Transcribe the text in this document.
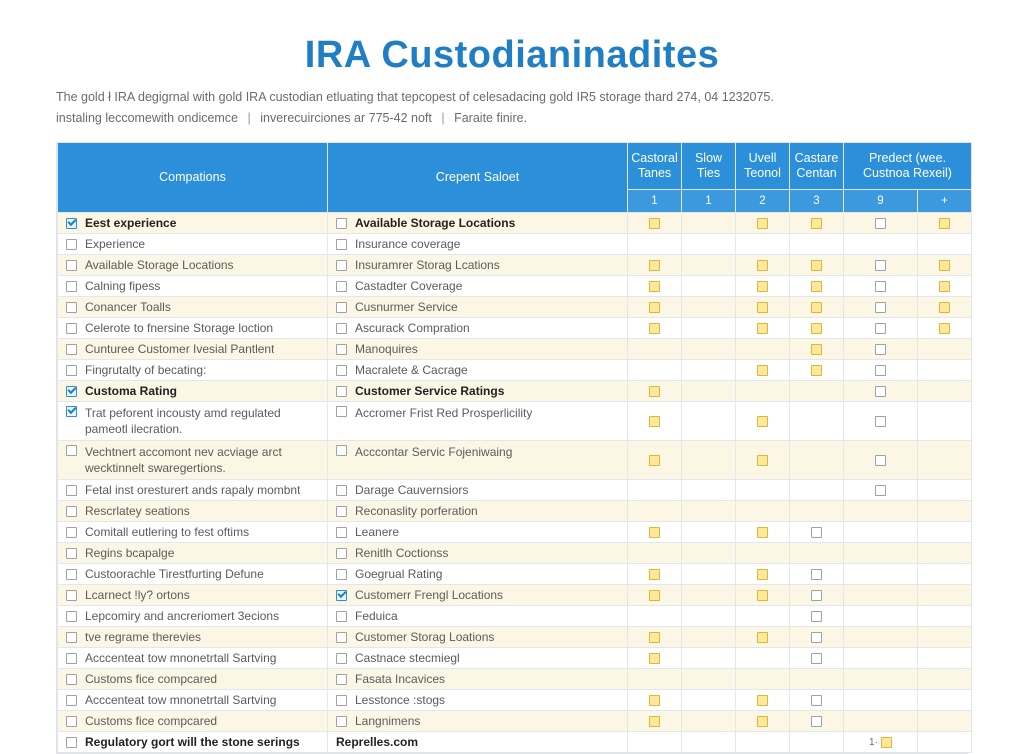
IRA Custodianinadites
The gold ł IRA degigrnal with gold IRA custodian etluating that tepcopest of celesadacing gold IR5 storage thard 274, 04 1232075.
instaling leccomewith ondicemce | inverecuirciones ar 775-42 noft | Faraite finire.
Compations	Crepent Saloet	Castoral Tanes	Slow Ties	Uvell Teonol	Castare Centan	Predect (wee. Custnoa Rexeil)	
		1	1	2	3	9	+

Eest experience	Available Storage Locations						

Experience	Insurance coverage						

Available Storage Locations	Insuramrer Storag Lcations						

Calning fipess	Castadter Coverage						

Conancer Toalls	Cusnurmer Service						

Celerote to fnersine Storage loction	Ascurack Compration						

Cunturee Customer Ivesial Pantlent	Manoquires						

Fingrutalty of becating:	Macralete & Cacrage						

Customa Rating	Customer Service Ratings						

Trat peforent incousty amd regulated pameotl ilecration.	Accromer Frist Red Prosperlicility						

Vechtnert accomont nev acviage arct wecktinnelt swaregertions.	Acccontar Servic Fojeniwaing						

Fetal inst oresturert ands rapaly mombnt	Darage Cauvernsiors						

Rescrlatey seations	Reconaslity porferation						

Comitall eutlering to fest oftims	Leanere						

Regins bcapalge	Renitlh Coctionss						

Custoorachle Tirestfurting Defune	Goegrual Rating						

Lcarnect !ly? ortons	Customerr Frengl Locations						

Lepcomiry and ancreriomert 3ecions	Feduica						

tve regrame therevies	Customer Storag Loations						

Acccenteat tow mnonetrtall Sartving	Castnace stecmiegl						

Customs fice compcared	Fasata Incavices						

Acccenteat tow mnonetrtall Sartving	Lesstonce :stogs						

Customs fice compcared	Langnimens						

Regulatory gort will the stone serings	Reprelles.com					1·	
